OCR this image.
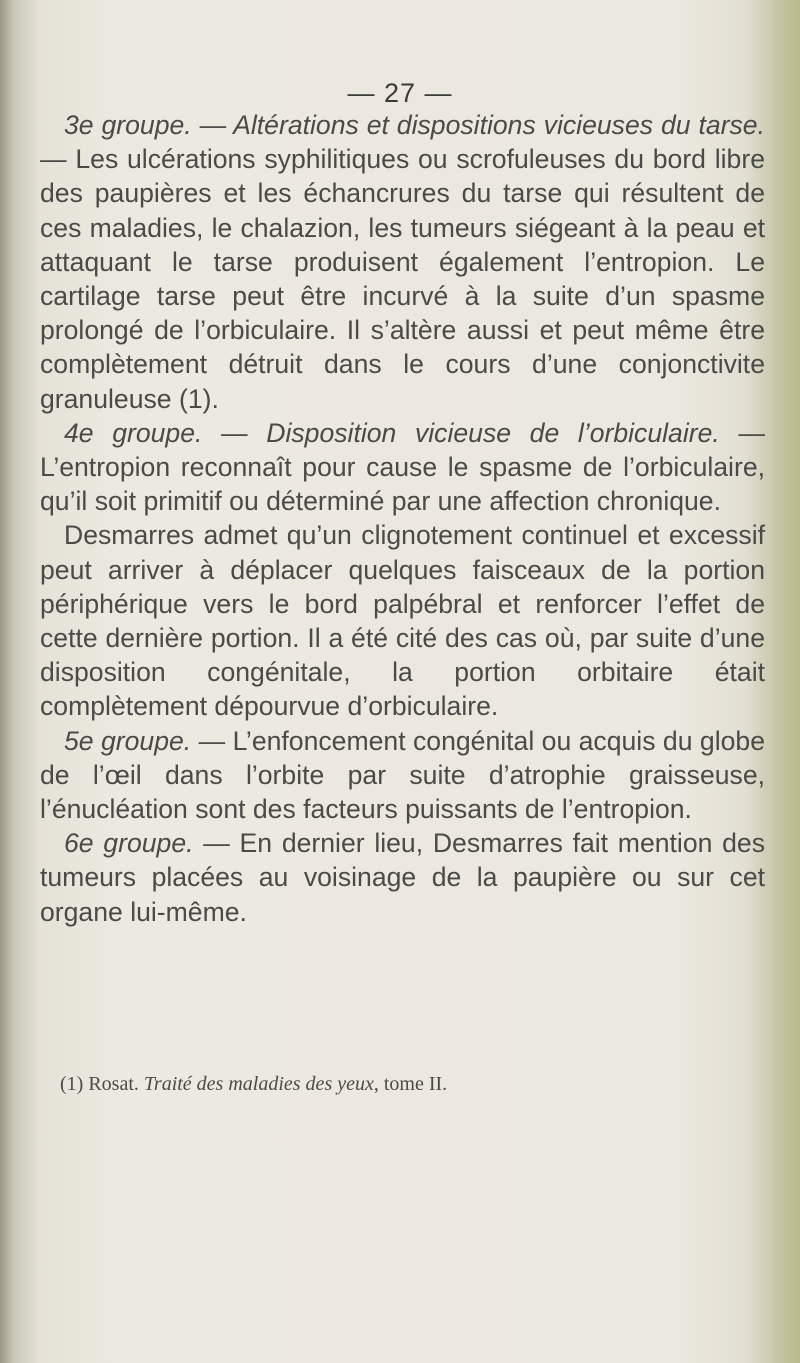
— 27 —

3e groupe. — Altérations et dispositions vicieuses du tarse. — Les ulcérations syphilitiques ou scrofuleuses du bord libre des paupières et les échancrures du tarse qui résultent de ces maladies, le chalazion, les tumeurs siégeant à la peau et attaquant le tarse produisent également l’entropion. Le cartilage tarse peut être incurvé à la suite d’un spasme prolongé de l’orbiculaire. Il s’altère aussi et peut même être complètement détruit dans le cours d’une conjonctivite granuleuse (1).

4e groupe. — Disposition vicieuse de l’orbiculaire. — L’entropion reconnaît pour cause le spasme de l’orbiculaire, qu’il soit primitif ou déterminé par une affection chronique.

Desmarres admet qu’un clignotement continuel et excessif peut arriver à déplacer quelques faisceaux de la portion périphérique vers le bord palpébral et renforcer l’effet de cette dernière portion. Il a été cité des cas où, par suite d’une disposition congénitale, la portion orbitaire était complètement dépourvue d’orbiculaire.

5e groupe. — L’enfoncement congénital ou acquis du globe de l’œil dans l’orbite par suite d’atrophie graisseuse, l’énucléation sont des facteurs puissants de l’entropion.

6e groupe. — En dernier lieu, Desmarres fait mention des tumeurs placées au voisinage de la paupière ou sur cet organe lui-même.

(1) Rosat. Traité des maladies des yeux, tome II.
